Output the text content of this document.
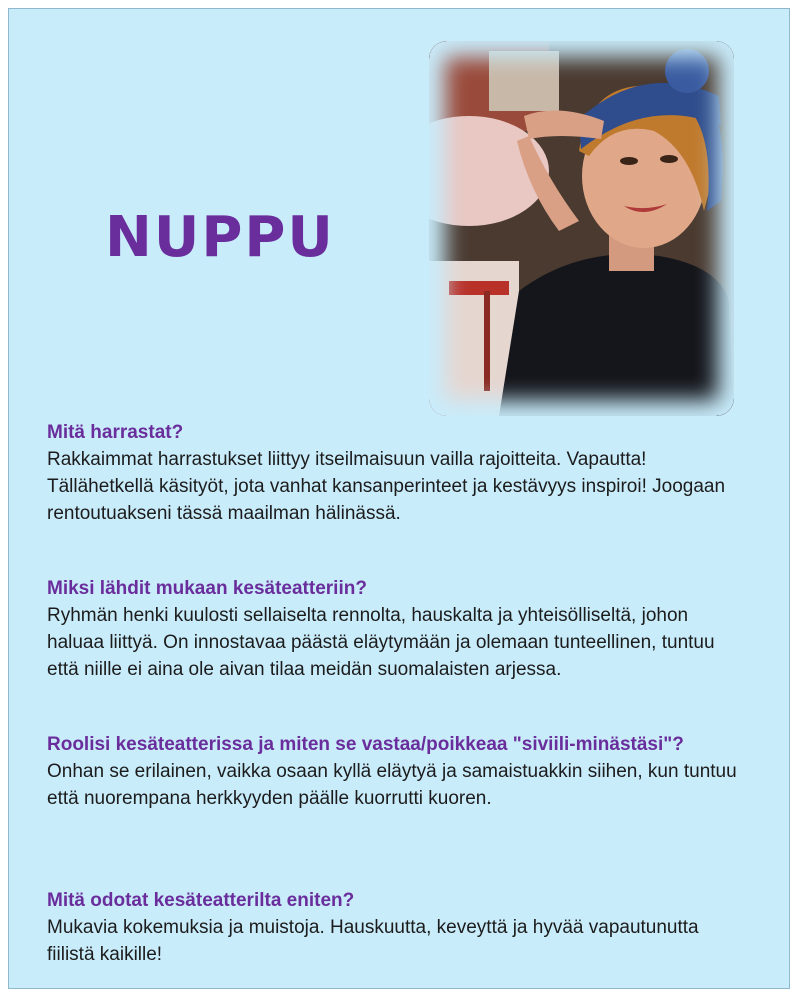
NUPPU
Mitä harrastat?
Rakkaimmat harrastukset liittyy itseilmaisuun vailla rajoitteita. Vapautta! Tällähetkellä käsityöt, jota vanhat kansanperinteet ja kestävyys inspiroi! Joogaan rentoutuakseni tässä maailman hälinässä.
Miksi lähdit mukaan kesäteatteriin?
Ryhmän henki kuulosti sellaiselta rennolta, hauskalta ja yhteisölliseltä, johon haluaa liittyä. On innostavaa päästä eläytymään ja olemaan tunteellinen, tuntuu että niille ei aina ole aivan tilaa meidän suomalaisten arjessa.
Roolisi kesäteatterissa ja miten se vastaa/poikkeaa "siviili-minästäsi"?
Onhan se erilainen, vaikka osaan kyllä eläytyä ja samaistuakkin siihen, kun tuntuu että nuorempana herkkyyden päälle kuorrutti kuoren.
Mitä odotat kesäteatterilta eniten?
Mukavia kokemuksia ja muistoja. Hauskuutta, keveyttä ja hyvää vapautunutta fiilistä kaikille!
